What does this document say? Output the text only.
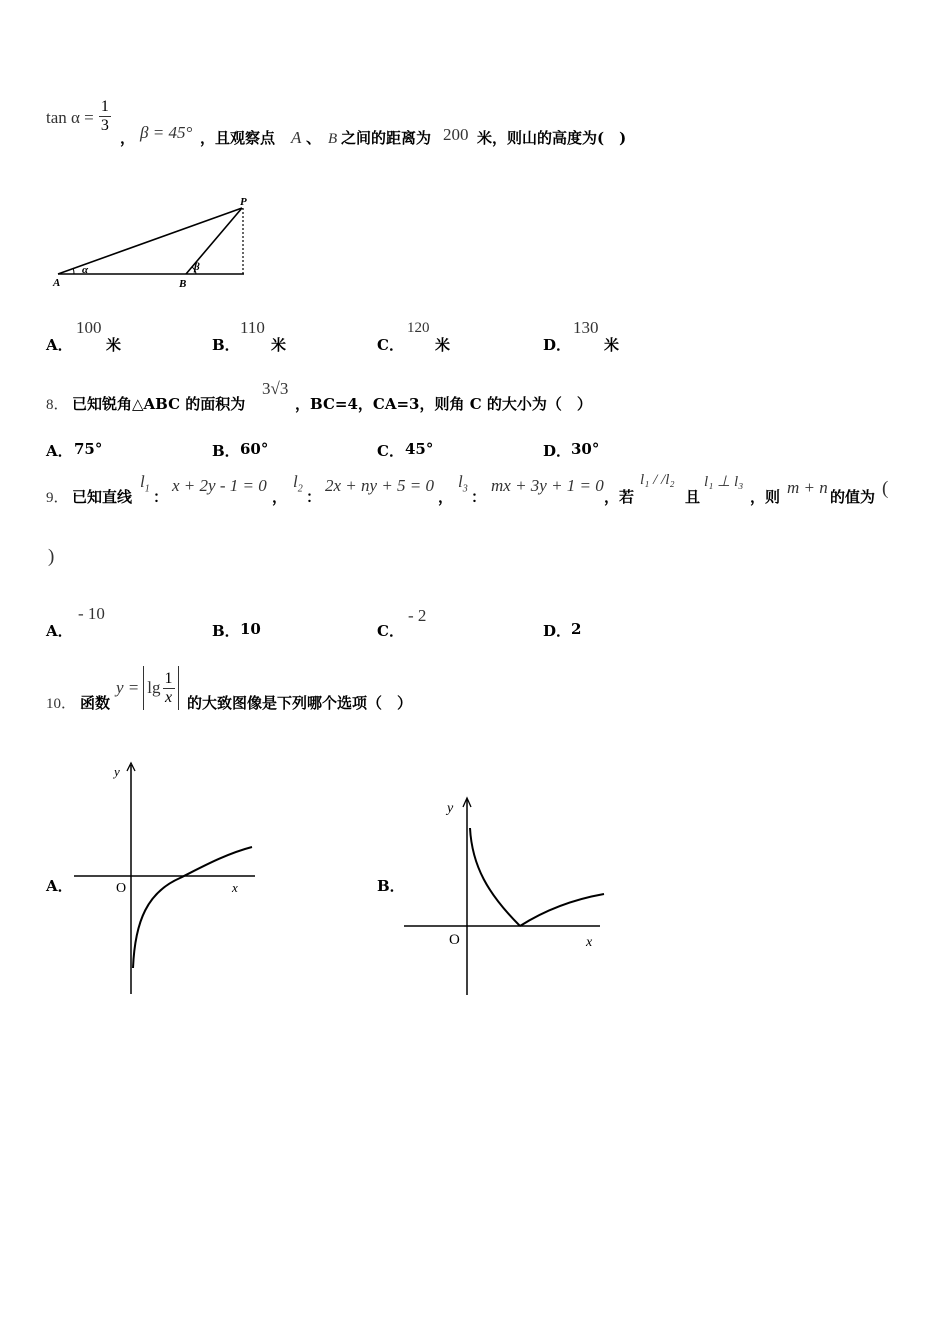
$\tan \alpha = \frac{1}{3}$
， β = 45° ，且观察点 A 、 B 之间的距离为 200 米，则山的高度为(　)
P
A	B
α	β
A．
100
米	B．
110
米	C．
120
米	D．
130
米
8． 已知锐角△ABC 的面积为
3√3
，BC=4，CA=3，则角 C 的大小为（　）
A． 75°	B． 60°	C． 45°	D． 30°
9． 已知直线
$l_1$ ：
x + 2y - 1 = 0
，
$l_2$ ：
2x + ny + 5 = 0
，
$l_3$ ：
mx + 3y + 1 = 0
，若
l₁ / /l₂
且
l₁ ⊥ l₃
，则 m + n 的值为 (
)
A．
- 10
B． 10	C．
- 2
D． 2
10． 函数
$y = \lg \frac{1}{x}$ 的大致图像是下列哪个选项（　）
A．
y
x
O	B．
y
x
O
